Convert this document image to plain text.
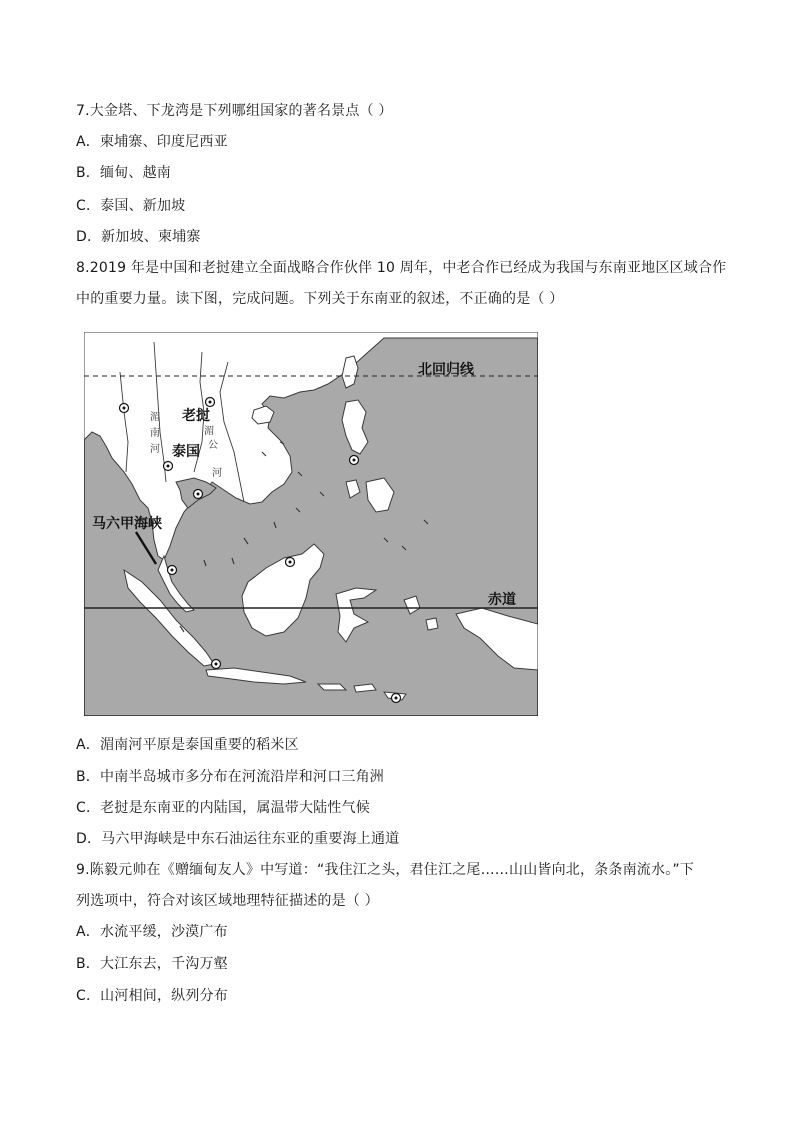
7.大金塔、下龙湾是下列哪组国家的著名景点（ ）
A．柬埔寨、印度尼西亚
B．缅甸、越南
C．泰国、新加坡
D．新加坡、柬埔寨
8.2019 年是中国和老挝建立全面战略合作伙伴 10 周年，中老合作已经成为我国与东南亚地区区域合作
中的重要力量。读下图，完成问题。下列关于东南亚的叙述，不正确的是（ ）
北回归线
赤道
老挝
泰国
马六甲海峡
湄
南
河
湄
公
河
A．湄南河平原是泰国重要的稻米区
B．中南半岛城市多分布在河流沿岸和河口三角洲
C．老挝是东南亚的内陆国，属温带大陆性气候
D．马六甲海峡是中东石油运往东亚的重要海上通道
9.陈毅元帅在《赠缅甸友人》中写道：“我住江之头，君住江之尾……山山皆向北，条条南流水。”下
列选项中，符合对该区域地理特征描述的是（ ）
A．水流平缓，沙漠广布
B．大江东去，千沟万壑
C．山河相间，纵列分布
